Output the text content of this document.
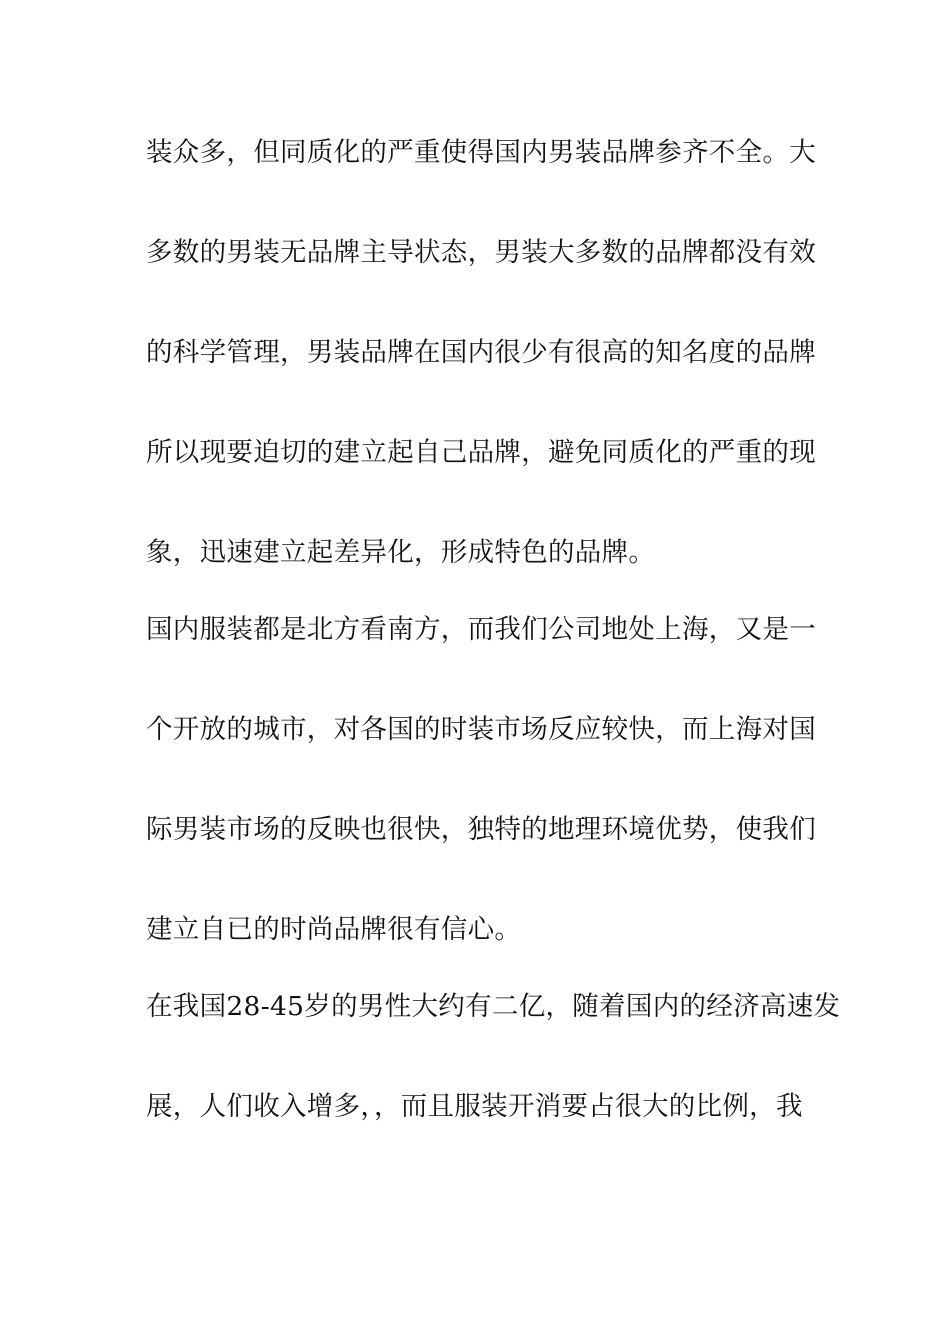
装众多，但同质化的严重使得国内男装品牌参齐不全。大
多数的男装无品牌主导状态，男装大多数的品牌都没有效
的科学管理，男装品牌在国内很少有很高的知名度的品牌
所以现要迫切的建立起自己品牌，避免同质化的严重的现
象，迅速建立起差异化，形成特色的品牌。
国内服装都是北方看南方，而我们公司地处上海，又是一
个开放的城市，对各国的时装市场反应较快，而上海对国
际男装市场的反映也很快，独特的地理环境优势，使我们
建立自已的时尚品牌很有信心。
在我国28-45岁的男性大约有二亿，随着国内的经济高速发
展，人们收入增多，，而且服装开消要占很大的比例，我
